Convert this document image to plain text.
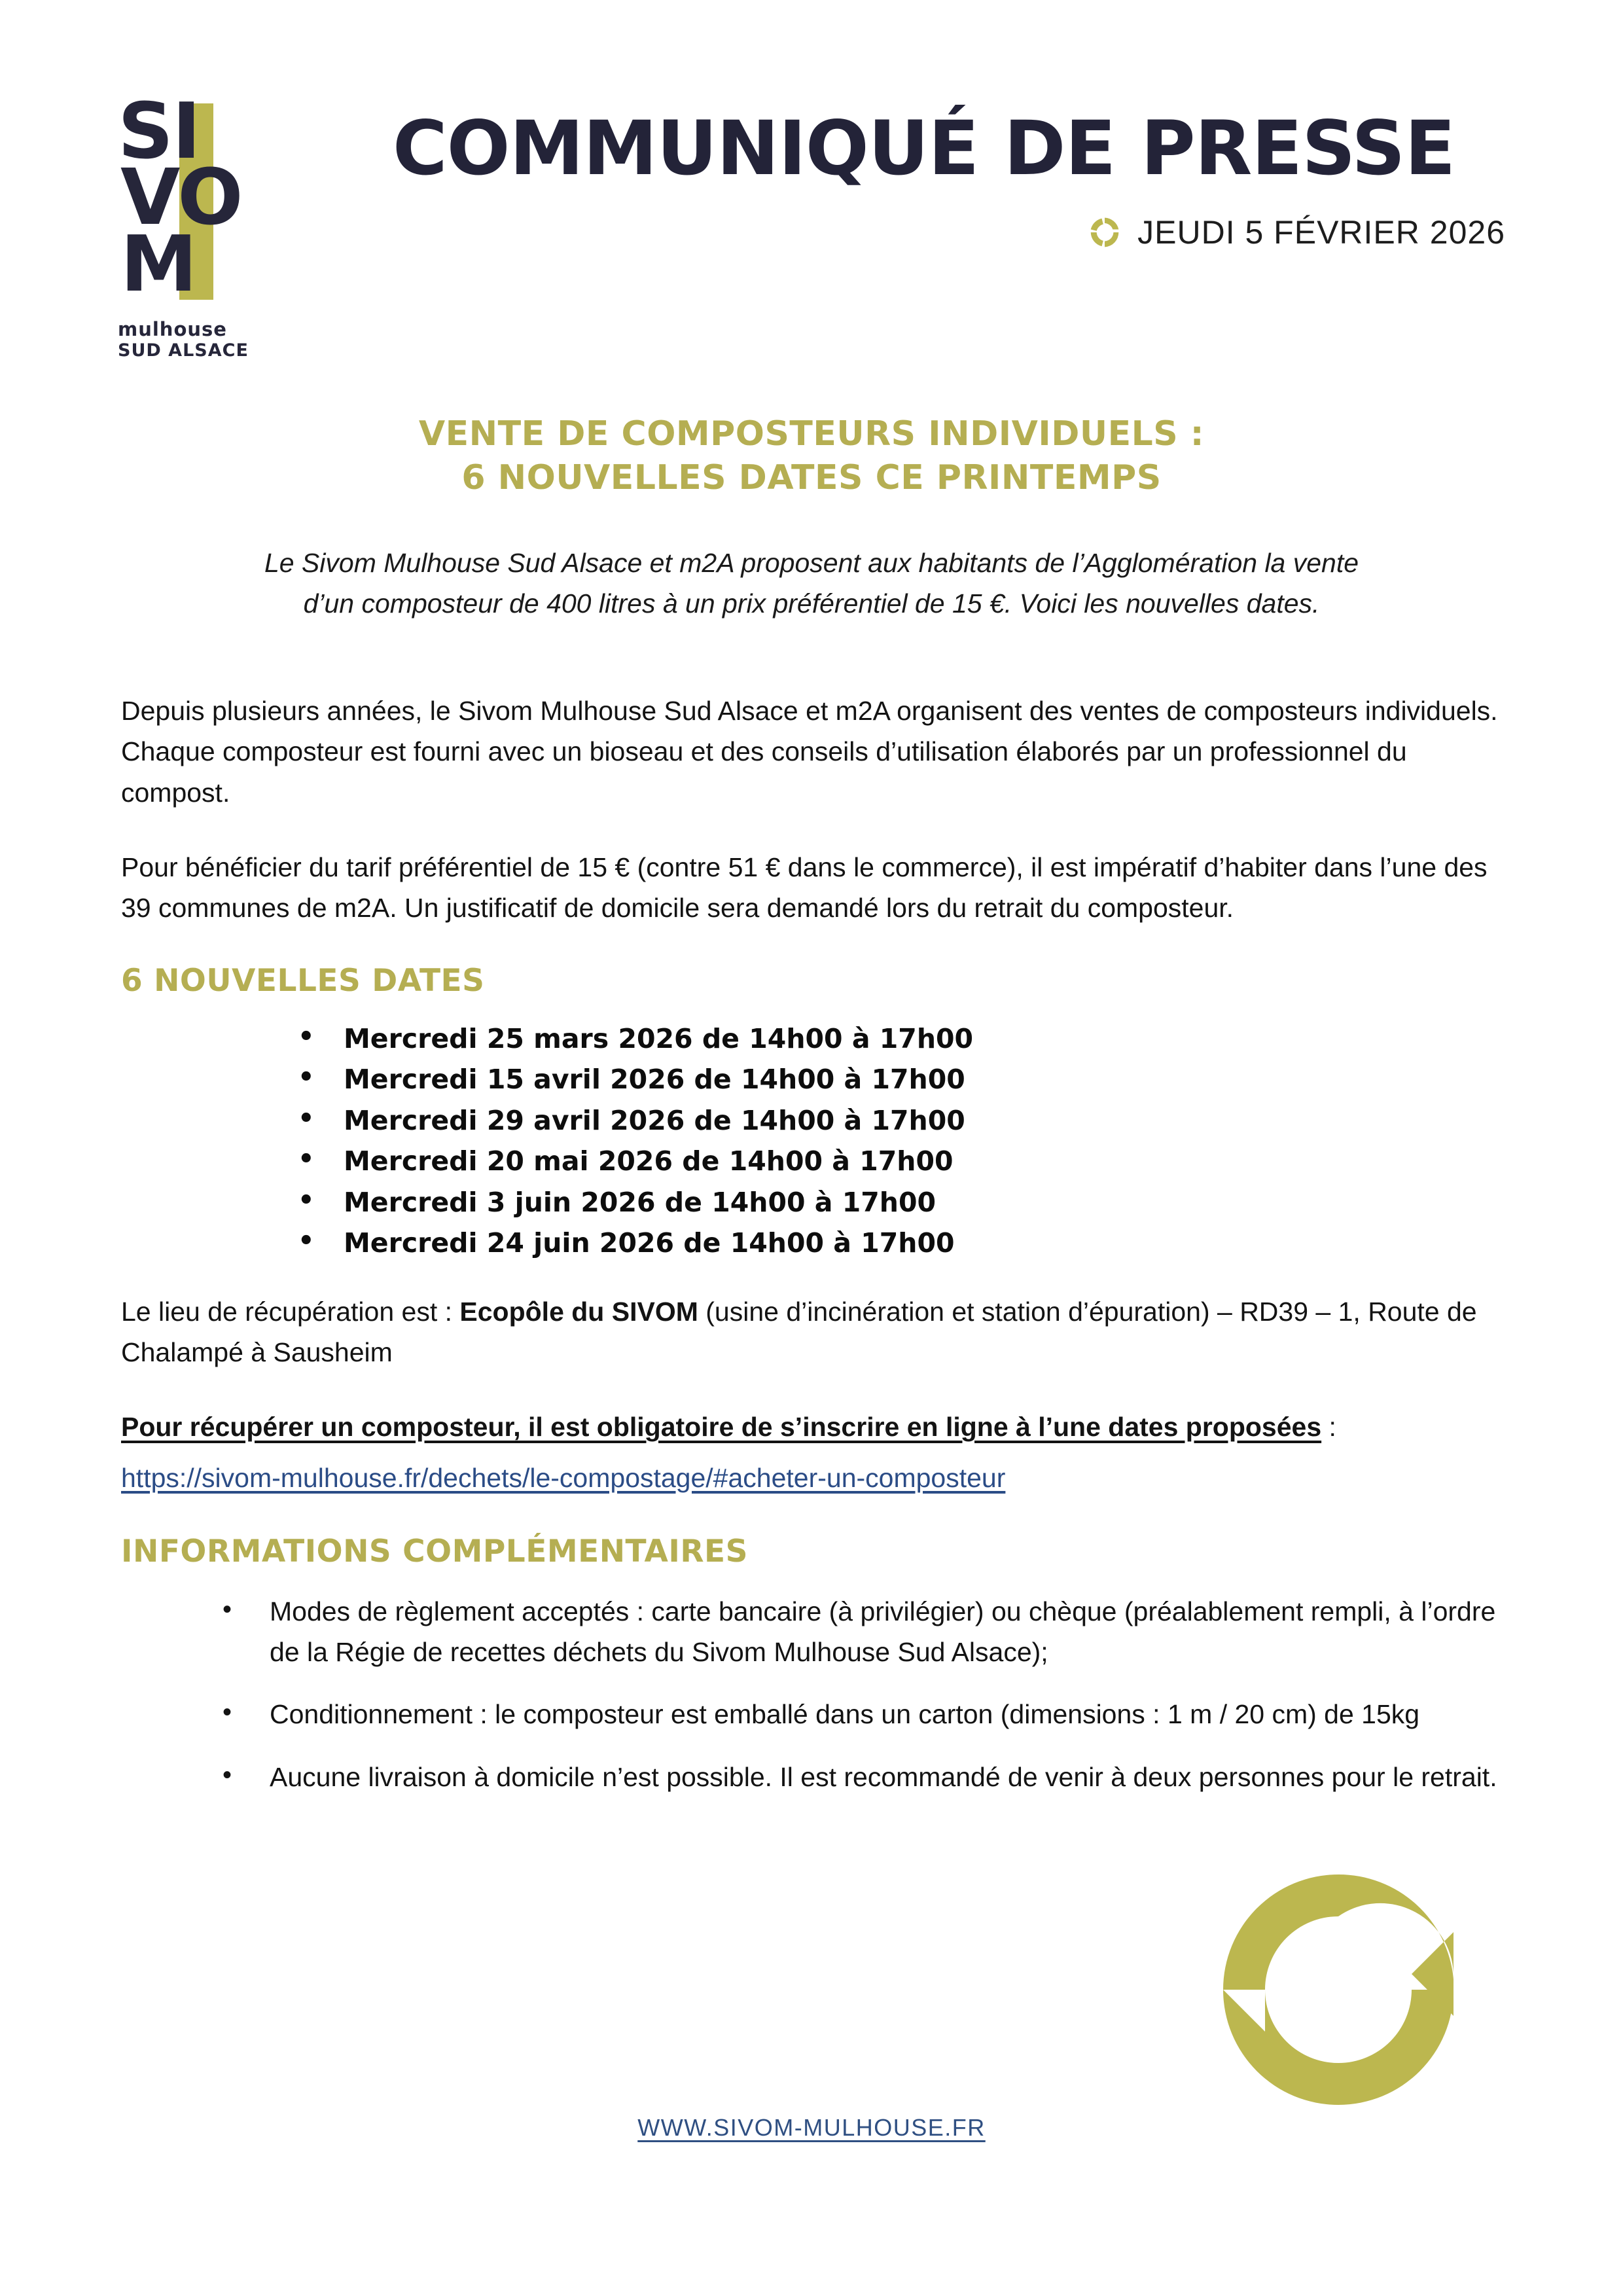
SI
VO
M
mulhouse
SUD ALSACE
COMMUNIQUÉ DE PRESSE
JEUDI 5 FÉVRIER 2026
VENTE DE COMPOSTEURS INDIVIDUELS :
6 NOUVELLES DATES CE PRINTEMPS
Le Sivom Mulhouse Sud Alsace et m2A proposent aux habitants de l’Agglomération la vente
d’un composteur de 400 litres à un prix préférentiel de 15 €. Voici les nouvelles dates.

Depuis plusieurs années, le Sivom Mulhouse Sud Alsace et m2A organisent des ventes de composteurs individuels. Chaque composteur est fourni avec un bioseau et des conseils d’utilisation élaborés par un professionnel du compost.

Pour bénéficier du tarif préférentiel de 15 € (contre 51 € dans le commerce), il est impératif d’habiter dans l’une des 39 communes de m2A. Un justificatif de domicile sera demandé lors du retrait du composteur.

6 NOUVELLES DATES
• Mercredi 25 mars 2026 de 14h00 à 17h00
• Mercredi 15 avril 2026 de 14h00 à 17h00
• Mercredi 29 avril 2026 de 14h00 à 17h00
• Mercredi 20 mai 2026 de 14h00 à 17h00
• Mercredi 3 juin 2026 de 14h00 à 17h00
• Mercredi 24 juin 2026 de 14h00 à 17h00

Le lieu de récupération est : Ecopôle du SIVOM (usine d’incinération et station d’épuration) – RD39 – 1, Route de Chalampé à Sausheim

Pour récupérer un composteur, il est obligatoire de s’inscrire en ligne à l’une dates proposées :

https://sivom-mulhouse.fr/dechets/le-compostage/#acheter-un-composteur
INFORMATIONS COMPLÉMENTAIRES
• Modes de règlement acceptés : carte bancaire (à privilégier) ou chèque (préalablement rempli, à l’ordre de la Régie de recettes déchets du Sivom Mulhouse Sud Alsace);
• Conditionnement : le composteur est emballé dans un carton (dimensions : 1 m / 20 cm) de 15kg
• Aucune livraison à domicile n’est possible. Il est recommandé de venir à deux personnes pour le retrait.
WWW.SIVOM-MULHOUSE.FR
